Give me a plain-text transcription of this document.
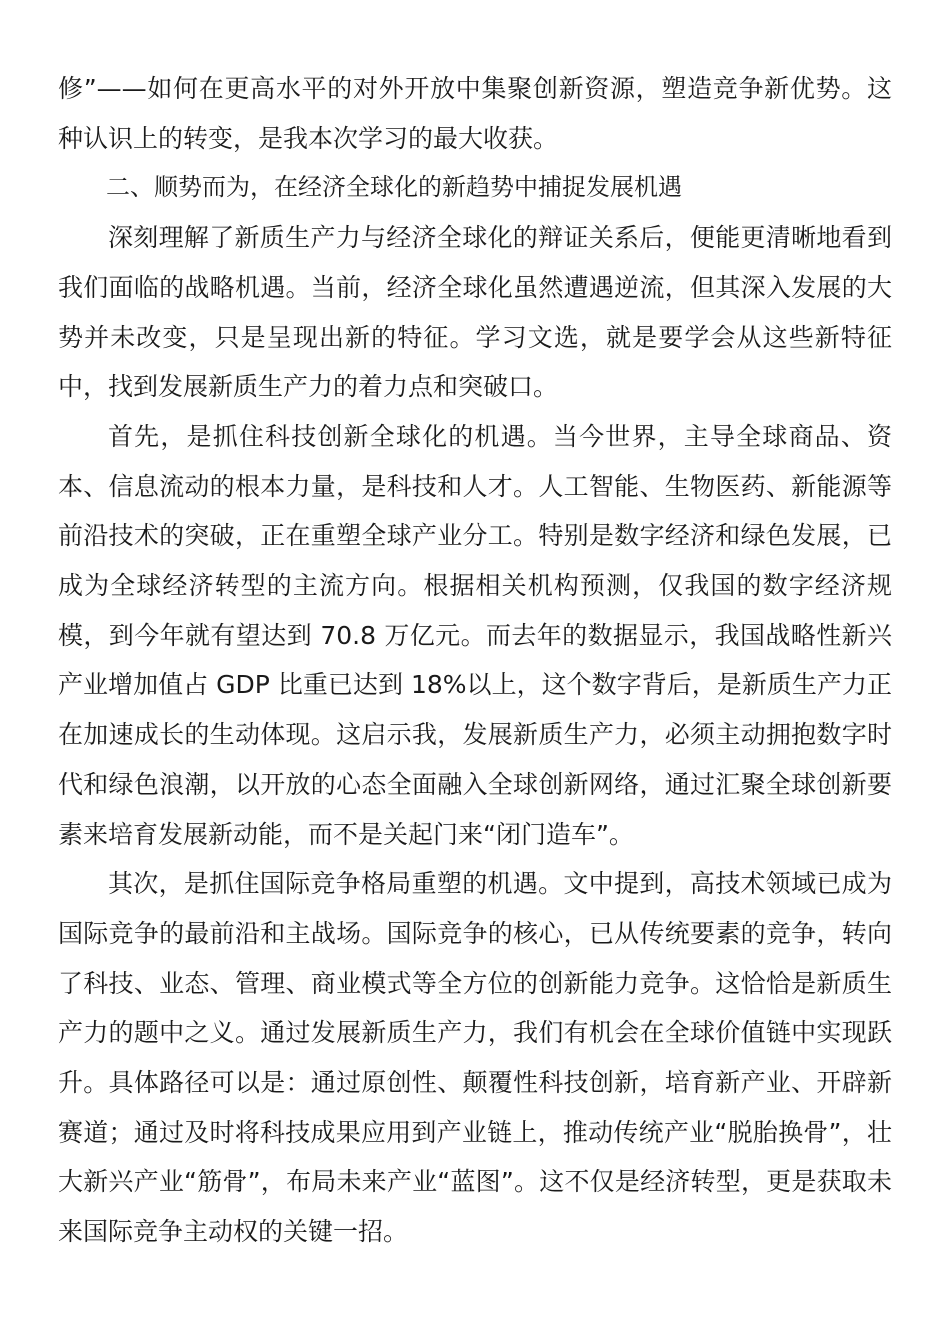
修”——如何在更高水平的对外开放中集聚创新资源，塑造竞争新优势。这种认识上的转变，是我本次学习的最大收获。

二、顺势而为，在经济全球化的新趋势中捕捉发展机遇

深刻理解了新质生产力与经济全球化的辩证关系后，便能更清晰地看到我们面临的战略机遇。当前，经济全球化虽然遭遇逆流，但其深入发展的大势并未改变，只是呈现出新的特征。学习文选，就是要学会从这些新特征中，找到发展新质生产力的着力点和突破口。

首先，是抓住科技创新全球化的机遇。当今世界，主导全球商品、资本、信息流动的根本力量，是科技和人才。人工智能、生物医药、新能源等前沿技术的突破，正在重塑全球产业分工。特别是数字经济和绿色发展，已成为全球经济转型的主流方向。根据相关机构预测，仅我国的数字经济规模，到今年就有望达到 70.8 万亿元。而去年的数据显示，我国战略性新兴产业增加值占 GDP 比重已达到 18%以上，这个数字背后，是新质生产力正在加速成长的生动体现。这启示我，发展新质生产力，必须主动拥抱数字时代和绿色浪潮，以开放的心态全面融入全球创新网络，通过汇聚全球创新要素来培育发展新动能，而不是关起门来“闭门造车”。

其次，是抓住国际竞争格局重塑的机遇。文中提到，高技术领域已成为国际竞争的最前沿和主战场。国际竞争的核心，已从传统要素的竞争，转向了科技、业态、管理、商业模式等全方位的创新能力竞争。这恰恰是新质生产力的题中之义。通过发展新质生产力，我们有机会在全球价值链中实现跃升。具体路径可以是：通过原创性、颠覆性科技创新，培育新产业、开辟新赛道；通过及时将科技成果应用到产业链上，推动传统产业“脱胎换骨”，壮大新兴产业“筋骨”，布局未来产业“蓝图”。这不仅是经济转型，更是获取未来国际竞争主动权的关键一招。
